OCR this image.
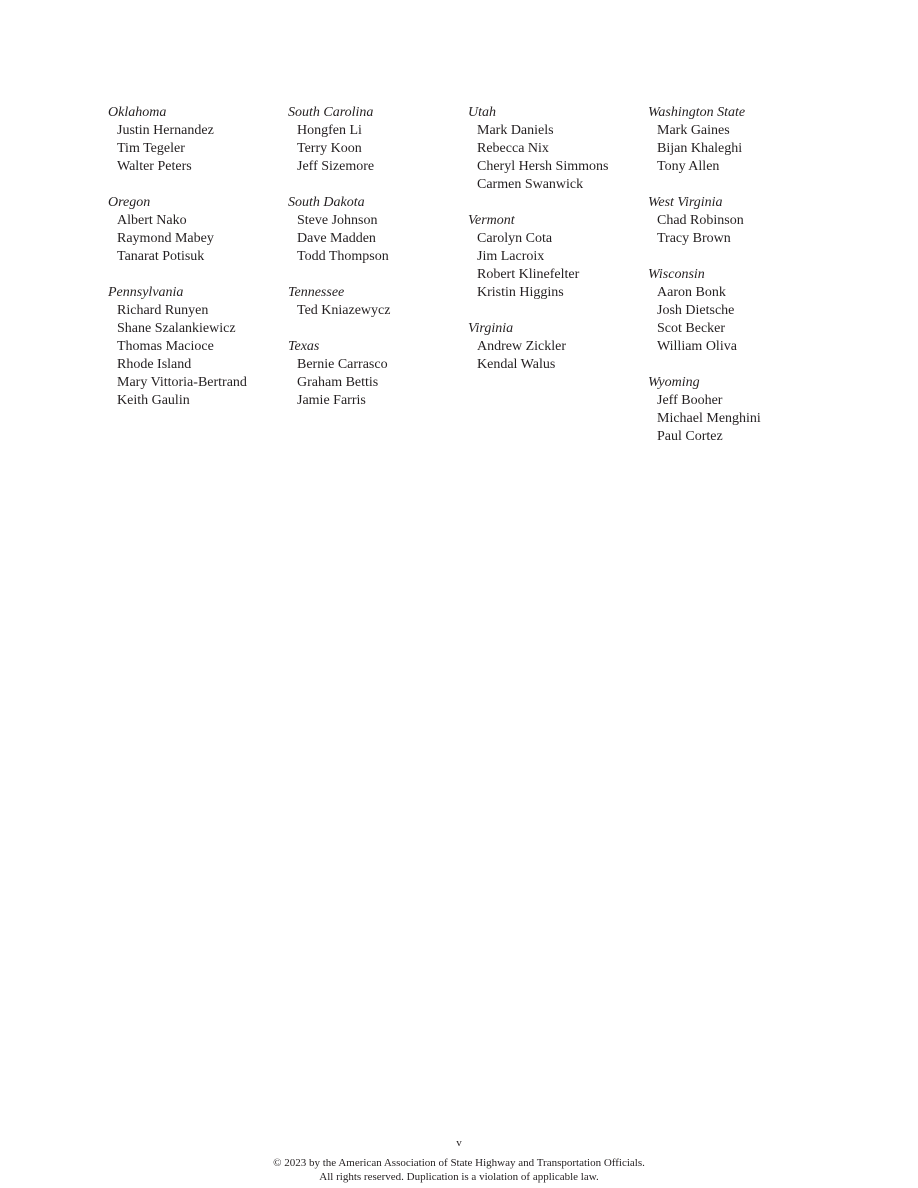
Oklahoma

Justin Hernandez

Tim Tegeler

Walter Peters

Oregon

Albert Nako

Raymond Mabey

Tanarat Potisuk

Pennsylvania

Richard Runyen

Shane Szalankiewicz

Thomas Macioce

Rhode Island

Mary Vittoria-Bertrand

Keith Gaulin

South Carolina

Hongfen Li

Terry Koon

Jeff Sizemore

South Dakota

Steve Johnson

Dave Madden

Todd Thompson

Tennessee

Ted Kniazewycz

Texas

Bernie Carrasco

Graham Bettis

Jamie Farris

Utah

Mark Daniels

Rebecca Nix

Cheryl Hersh Simmons

Carmen Swanwick

Vermont

Carolyn Cota

Jim Lacroix

Robert Klinefelter

Kristin Higgins

Virginia

Andrew Zickler

Kendal Walus

Washington State

Mark Gaines

Bijan Khaleghi

Tony Allen

West Virginia

Chad Robinson

Tracy Brown

Wisconsin

Aaron Bonk

Josh Dietsche

Scot Becker

William Oliva

Wyoming

Jeff Booher

Michael Menghini

Paul Cortez

v
© 2023 by the American Association of State Highway and Transportation Officials.
All rights reserved. Duplication is a violation of applicable law.
